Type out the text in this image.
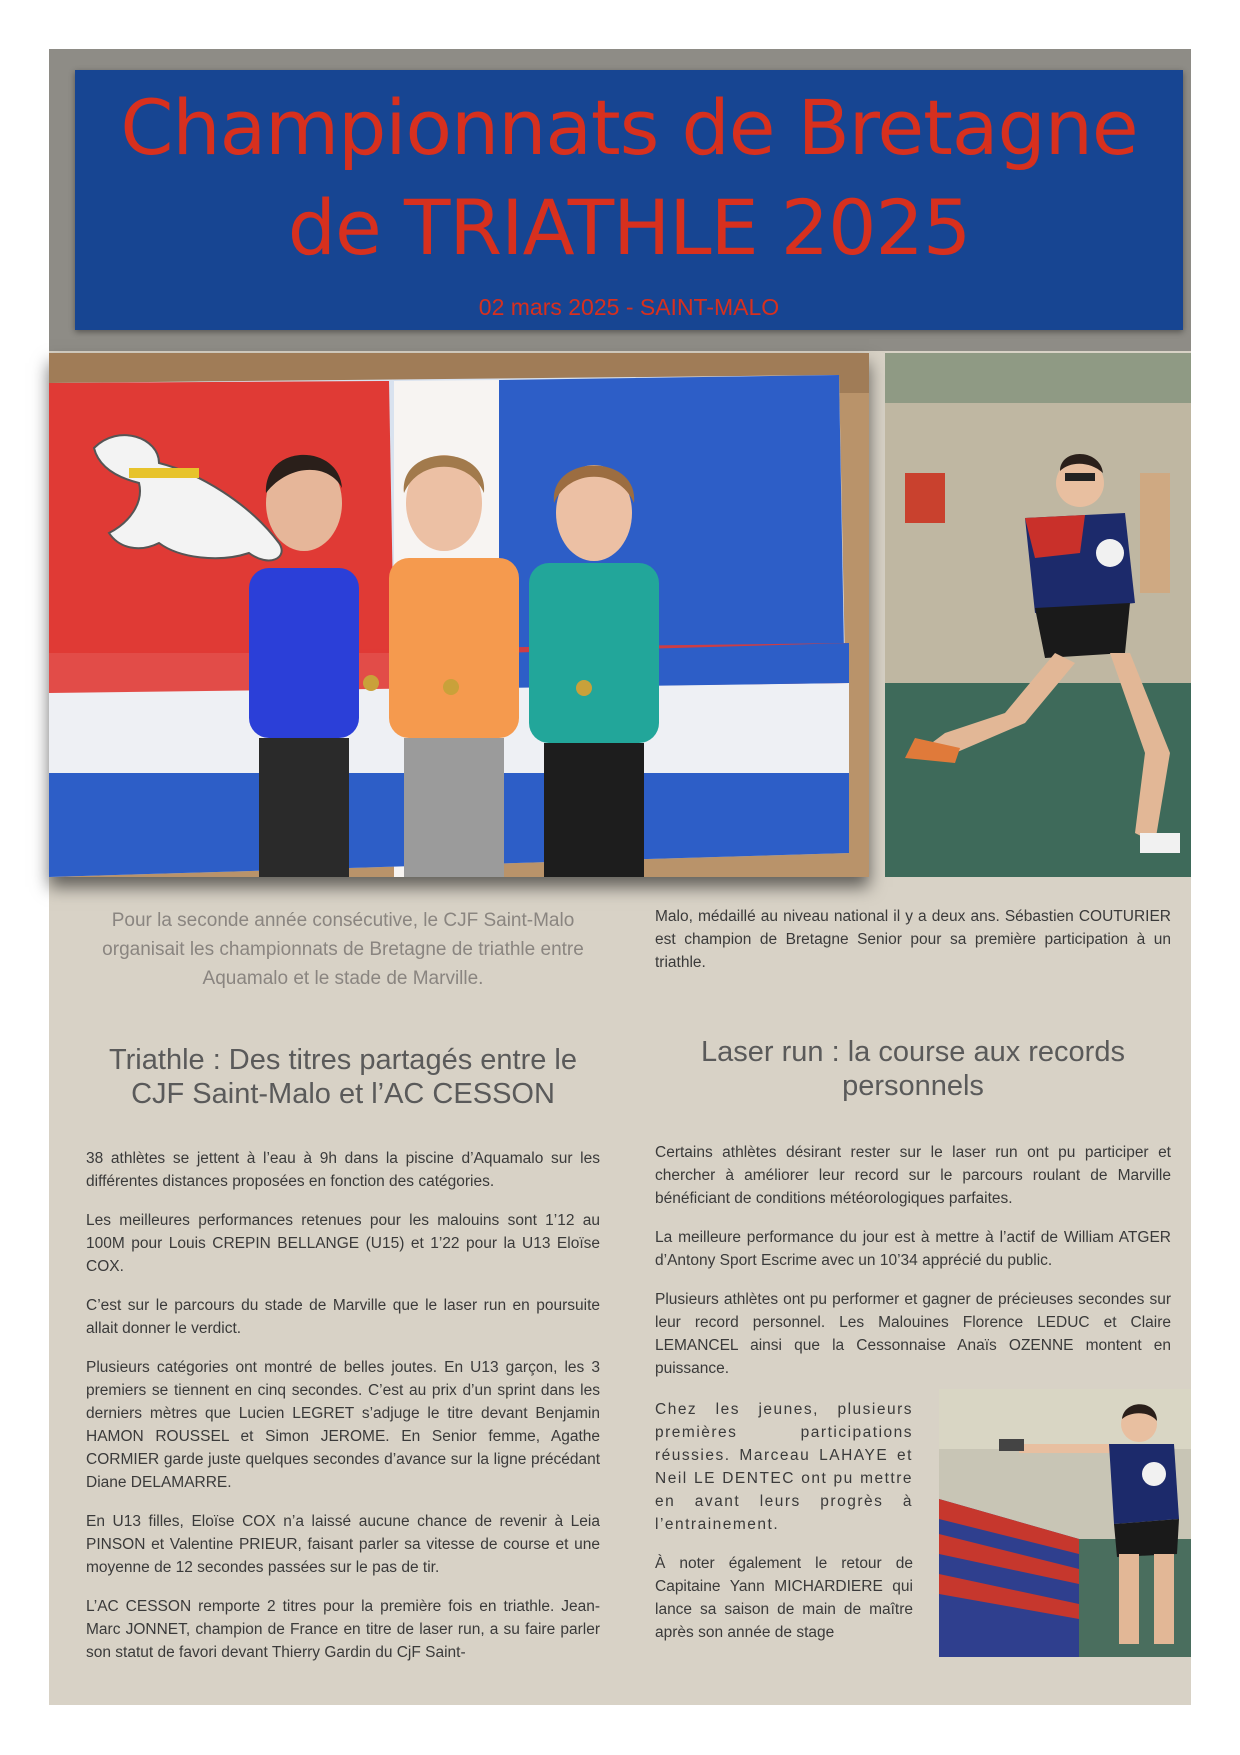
Championnats de Bretagne
de TRIATHLE 2025
02 mars 2025 - SAINT-MALO
Pour la seconde année consécutive, le CJF Saint-Malo organisait les championnats de Bretagne de triathle entre Aquamalo et le stade de Marville.

Malo, médaillé au niveau national il y a deux ans. Sébastien COUTURIER est champion de Bretagne Senior pour sa première participation à un triathle.

Triathle : Des titres partagés entre le CJF Saint-Malo et l’AC CESSON

38 athlètes se jettent à l’eau à 9h dans la piscine d’Aquamalo sur les différentes distances proposées en fonction des catégories.

Les meilleures performances retenues pour les malouins sont 1’12 au 100M pour Louis CREPIN BELLANGE (U15) et 1’22 pour la U13 Eloïse COX.

C’est sur le parcours du stade de Marville que le laser run en poursuite allait donner le verdict.

Plusieurs catégories ont montré de belles joutes. En U13 garçon, les 3 premiers se tiennent en cinq secondes. C’est au prix d’un sprint dans les derniers mètres que Lucien LEGRET s’adjuge le titre devant Benjamin HAMON ROUSSEL et Simon JEROME. En Senior femme, Agathe CORMIER garde juste quelques secondes d’avance sur la ligne précédant Diane DELAMARRE.

En U13 filles, Eloïse COX n’a laissé aucune chance de revenir à Leia PINSON et Valentine PRIEUR, faisant parler sa vitesse de course et une moyenne de 12 secondes passées sur le pas de tir.

L’AC CESSON remporte 2 titres pour la première fois en triathle. Jean-Marc JONNET, champion de France en titre de laser run, a su faire parler son statut de favori devant Thierry Gardin du CjF Saint-

Laser run : la course aux records personnels

Certains athlètes désirant rester sur le laser run ont pu participer et chercher à améliorer leur record sur le parcours roulant de Marville bénéficiant de conditions météorologiques parfaites.

La meilleure performance du jour est à mettre à l’actif de William ATGER d’Antony Sport Escrime avec un 10’34 apprécié du public.

Plusieurs athlètes ont pu performer et gagner de précieuses secondes sur leur record personnel. Les Malouines Florence LEDUC et Claire LEMANCEL ainsi que la Cessonnaise Anaïs OZENNE montent en puissance.

Chez les jeunes, plusieurs premières participations réussies. Marceau LAHAYE et Neil LE DENTEC ont pu mettre en avant leurs progrès à l’entrainement.

À noter également le retour de Capitaine Yann MICHARDIERE qui lance sa saison de main de maître après son année de stage
